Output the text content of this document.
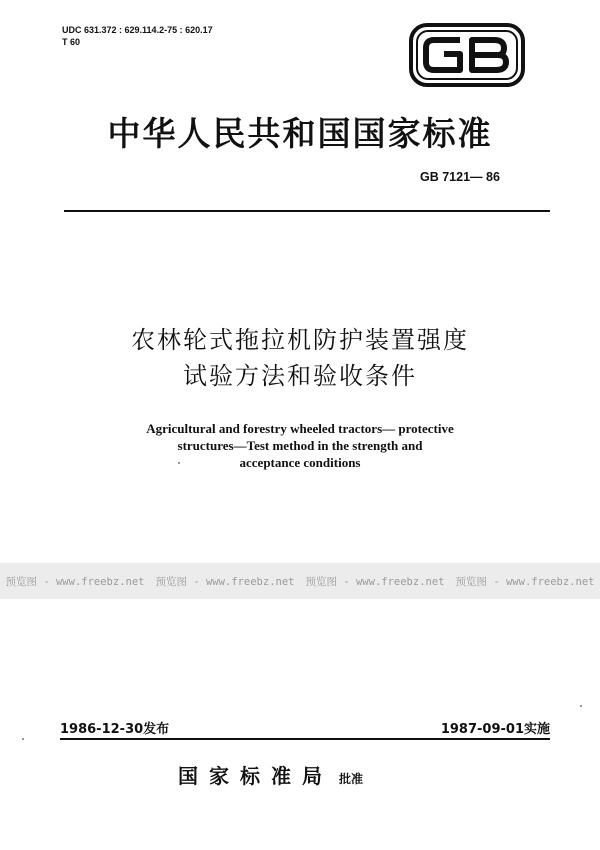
UDC 631.372 : 629.114.2-75 : 620.17
T 60
中华人民共和国国家标准
GB 7121— 86
农林轮式拖拉机防护装置强度
试验方法和验收条件
Agricultural and forestry wheeled tractors— protective
structures—Test method in the strength and
acceptance conditions
预览图 - www.freebz.net 预览图 - www.freebz.net 预览图 - www.freebz.net 预览图 - www.freebz.net
1986-12-30发布	1987-09-01实施
国家标准局 批准
